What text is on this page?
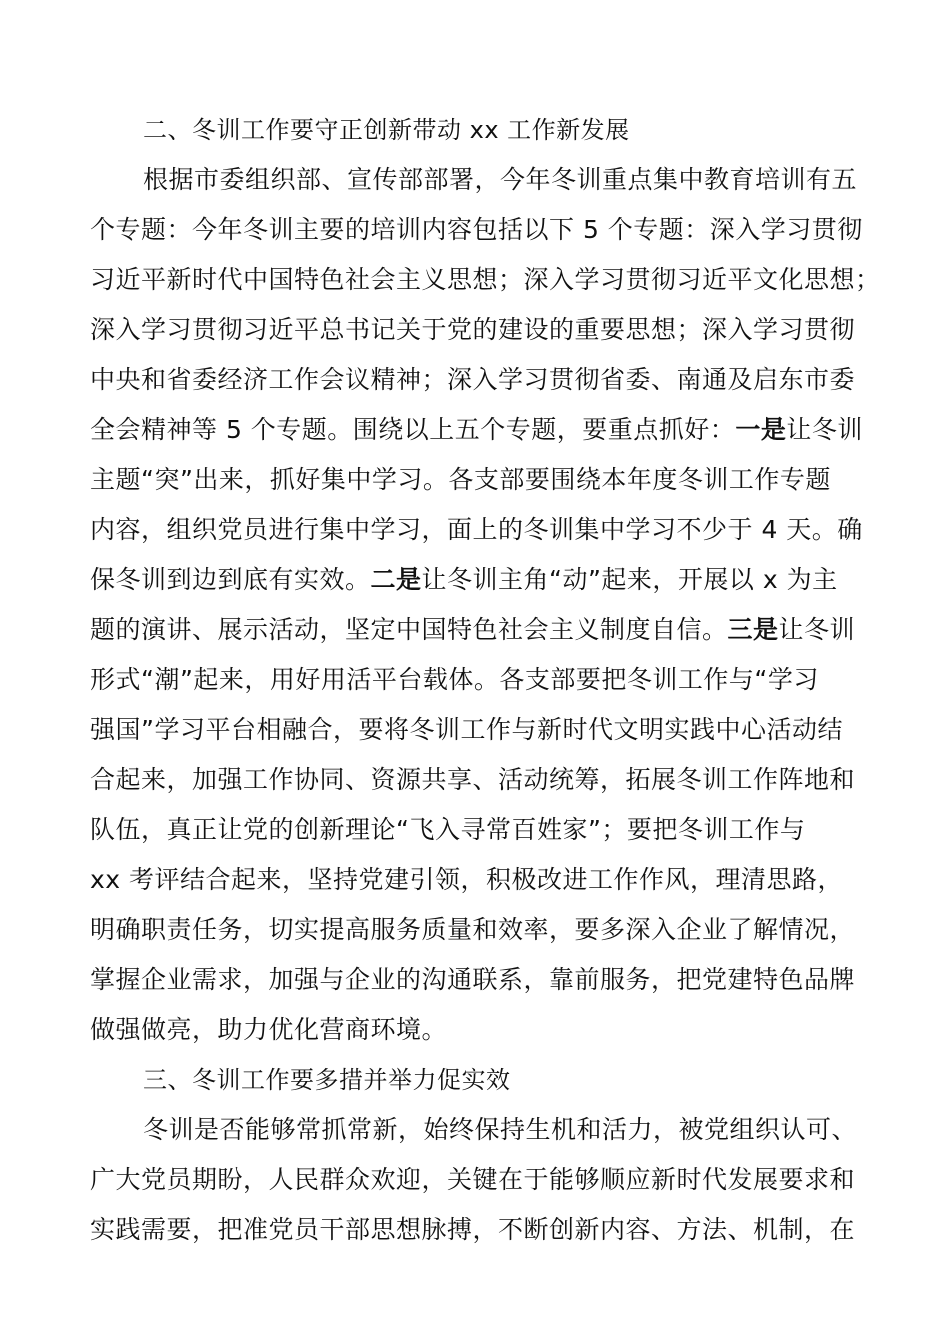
二、冬训工作要守正创新带动 xx 工作新发展
根据市委组织部、宣传部部署，今年冬训重点集中教育培训有五
个专题：今年冬训主要的培训内容包括以下 5 个专题：深入学习贯彻
习近平新时代中国特色社会主义思想；深入学习贯彻习近平文化思想；
深入学习贯彻习近平总书记关于党的建设的重要思想；深入学习贯彻
中央和省委经济工作会议精神；深入学习贯彻省委、南通及启东市委
全会精神等 5 个专题。围绕以上五个专题，要重点抓好：一是让冬训
主题“突”出来，抓好集中学习。各支部要围绕本年度冬训工作专题
内容，组织党员进行集中学习，面上的冬训集中学习不少于 4 天。确
保冬训到边到底有实效。二是让冬训主角“动”起来，开展以 x 为主
题的演讲、展示活动，坚定中国特色社会主义制度自信。三是让冬训
形式“潮”起来，用好用活平台载体。各支部要把冬训工作与“学习
强国”学习平台相融合，要将冬训工作与新时代文明实践中心活动结
合起来，加强工作协同、资源共享、活动统筹，拓展冬训工作阵地和
队伍，真正让党的创新理论“飞入寻常百姓家”；要把冬训工作与
xx 考评结合起来，坚持党建引领，积极改进工作作风，理清思路，
明确职责任务，切实提高服务质量和效率，要多深入企业了解情况，
掌握企业需求，加强与企业的沟通联系，靠前服务，把党建特色品牌
做强做亮，助力优化营商环境。
三、冬训工作要多措并举力促实效
冬训是否能够常抓常新，始终保持生机和活力，被党组织认可、
广大党员期盼，人民群众欢迎，关键在于能够顺应新时代发展要求和
实践需要，把准党员干部思想脉搏，不断创新内容、方法、机制，在
